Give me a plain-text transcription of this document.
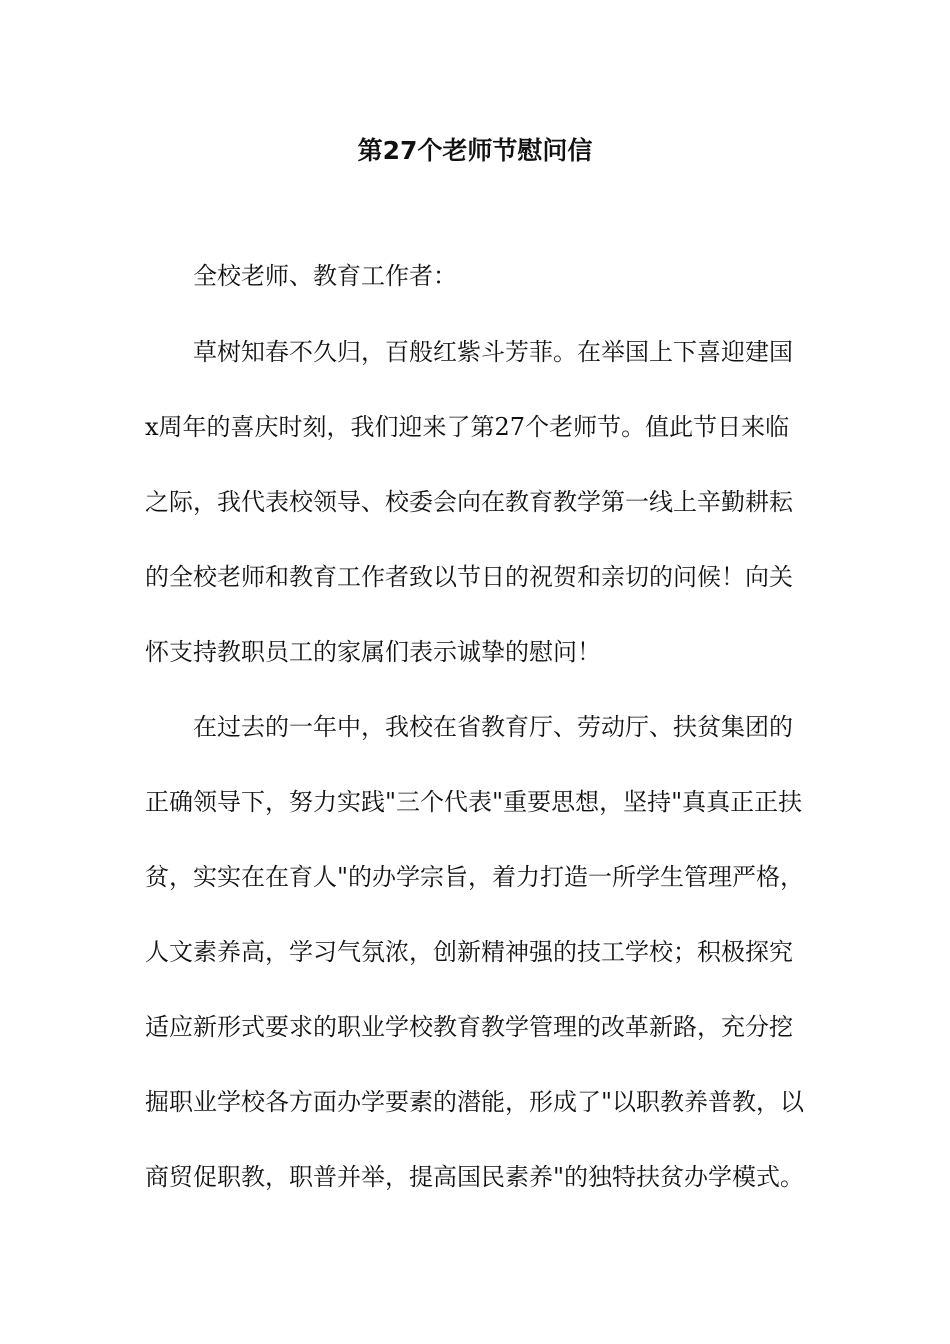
第27个老师节慰问信

全校老师、教育工作者：

草树知春不久归，百般红紫斗芳菲。在举国上下喜迎建国

x周年的喜庆时刻，我们迎来了第27个老师节。值此节日来临

之际，我代表校领导、校委会向在教育教学第一线上辛勤耕耘

的全校老师和教育工作者致以节日的祝贺和亲切的问候！向关

怀支持教职员工的家属们表示诚挚的慰问！

在过去的一年中，我校在省教育厅、劳动厅、扶贫集团的

正确领导下，努力实践"三个代表"重要思想，坚持"真真正正扶

贫，实实在在育人"的办学宗旨，着力打造一所学生管理严格，

人文素养高，学习气氛浓，创新精神强的技工学校；积极探究

适应新形式要求的职业学校教育教学管理的改革新路，充分挖

掘职业学校各方面办学要素的潜能，形成了"以职教养普教，以

商贸促职教，职普并举，提高国民素养"的独特扶贫办学模式。
